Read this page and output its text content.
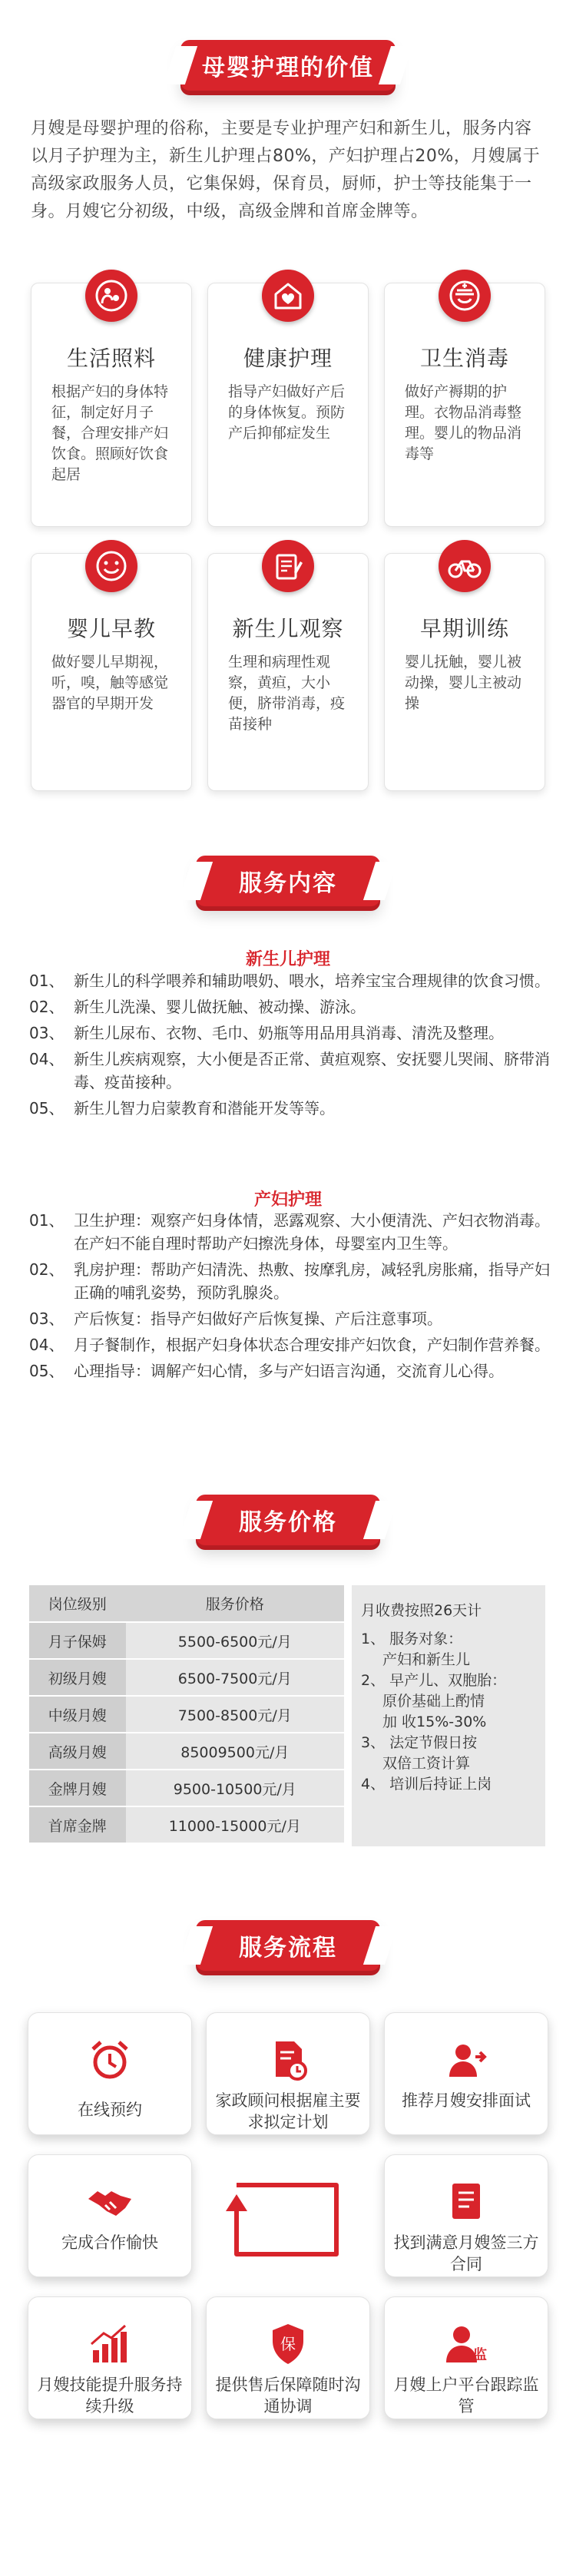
母婴护理的价值

月嫂是母婴护理的俗称，主要是专业护理产妇和新生儿，服务内容以月子护理为主，新生儿护理占80%，产妇护理占20%，月嫂属于高级家政服务人员，它集保姆，保育员，厨师，护士等技能集于一身。月嫂它分初级，中级，高级金牌和首席金牌等。

生活照料
根据产妇的身体特征，制定好月子餐，合理安排产妇饮食。照顾好饮食起居
健康护理
指导产妇做好产后的身体恢复。预防产后抑郁症发生
卫生消毒
做好产褥期的护理。衣物品消毒整理。婴儿的物品消毒等
婴儿早教
做好婴儿早期视，听，嗅，触等感觉器官的早期开发
新生儿观察
生理和病理性观察，黄疸，大小便，脐带消毒，疫苗接种
早期训练
婴儿抚触，婴儿被动操，婴儿主被动操
服务内容
新生儿护理
01、 新生儿的科学喂养和辅助喂奶、喂水，培养宝宝合理规律的饮食习惯。
02、 新生儿洗澡、婴儿做抚触、被动操、游泳。
03、 新生儿尿布、衣物、毛巾、奶瓶等用品用具消毒、清洗及整理。
04、 新生儿疾病观察，大小便是否正常、黄疸观察、安抚婴儿哭闹、脐带消毒、疫苗接种。
05、 新生儿智力启蒙教育和潜能开发等等。
产妇护理
01、 卫生护理：观察产妇身体情，恶露观察、大小便清洗、产妇衣物消毒。在产妇不能自理时帮助产妇擦洗身体，母婴室内卫生等。
02、 乳房护理：帮助产妇清洗、热敷、按摩乳房，减轻乳房胀痛，指导产妇正确的哺乳姿势，预防乳腺炎。
03、 产后恢复：指导产妇做好产后恢复操、产后注意事项。
04、 月子餐制作，根据产妇身体状态合理安排产妇饮食，产妇制作营养餐。
05、 心理指导：调解产妇心情，多与产妇语言沟通，交流育儿心得。
服务价格
岗位级别	服务价格
月子保姆	5500-6500元/月
初级月嫂	6500-7500元/月
中级月嫂	7500-8500元/月
高级月嫂	85009500元/月
金牌月嫂	9500-10500元/月
首席金牌	11000-15000元/月
月收费按照26天计
1、 服务对象：
产妇和新生儿
2、 早产儿、双胞胎：
原价基础上酌情
加 收15%-30%
3、 法定节假日按
双倍工资计算
4、 培训后持证上岗
服务流程
在线预约	家政顾问根据雇主要求拟定计划
推荐月嫂安排面试
完成合作愉快	找到满意月嫂签三方合同
月嫂技能提升服务持续升级
保
提供售后保障随时沟通协调
监
月嫂上户平台跟踪监管
